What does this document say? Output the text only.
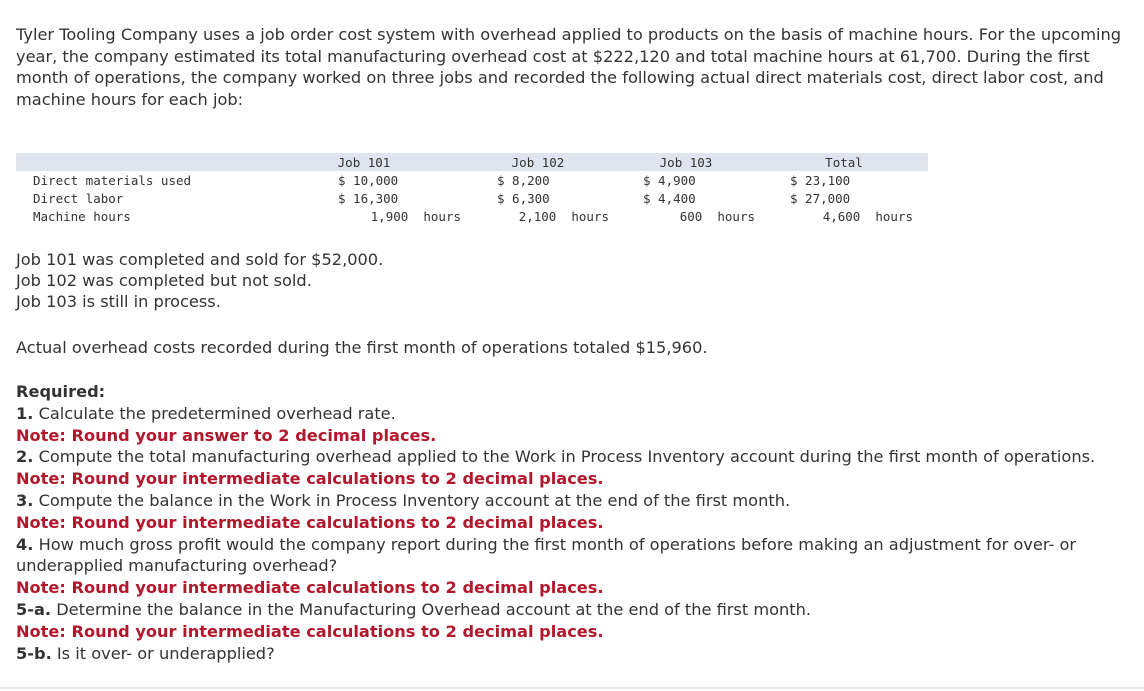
Tyler Tooling Company uses a job order cost system with overhead applied to products on the basis of machine hours. For the upcoming year, the company estimated its total manufacturing overhead cost at $222,120 and total machine hours at 61,700. During the first month of operations, the company worked on three jobs and recorded the following actual direct materials cost, direct labor cost, and machine hours for each job:

	Job 101	Job 102	Job 103	Total
Direct materials used	$ 10,000	$ 8,200	$ 4,900	$ 23,100
Direct labor	$ 16,300	$ 6,300	$ 4,400	$ 27,000
Machine hours	1,900  hours	2,100  hours	600  hours	4,600  hours
Job 101 was completed and sold for $52,000.
Job 102 was completed but not sold.
Job 103 is still in process.
Actual overhead costs recorded during the first month of operations totaled $15,960.
Required:
1. Calculate the predetermined overhead rate.
Note: Round your answer to 2 decimal places.
2. Compute the total manufacturing overhead applied to the Work in Process Inventory account during the first month of operations.
Note: Round your intermediate calculations to 2 decimal places.
3. Compute the balance in the Work in Process Inventory account at the end of the first month.
Note: Round your intermediate calculations to 2 decimal places.
4. How much gross profit would the company report during the first month of operations before making an adjustment for over- or underapplied manufacturing overhead?
Note: Round your intermediate calculations to 2 decimal places.
5-a. Determine the balance in the Manufacturing Overhead account at the end of the first month.
Note: Round your intermediate calculations to 2 decimal places.
5-b. Is it over- or underapplied?
